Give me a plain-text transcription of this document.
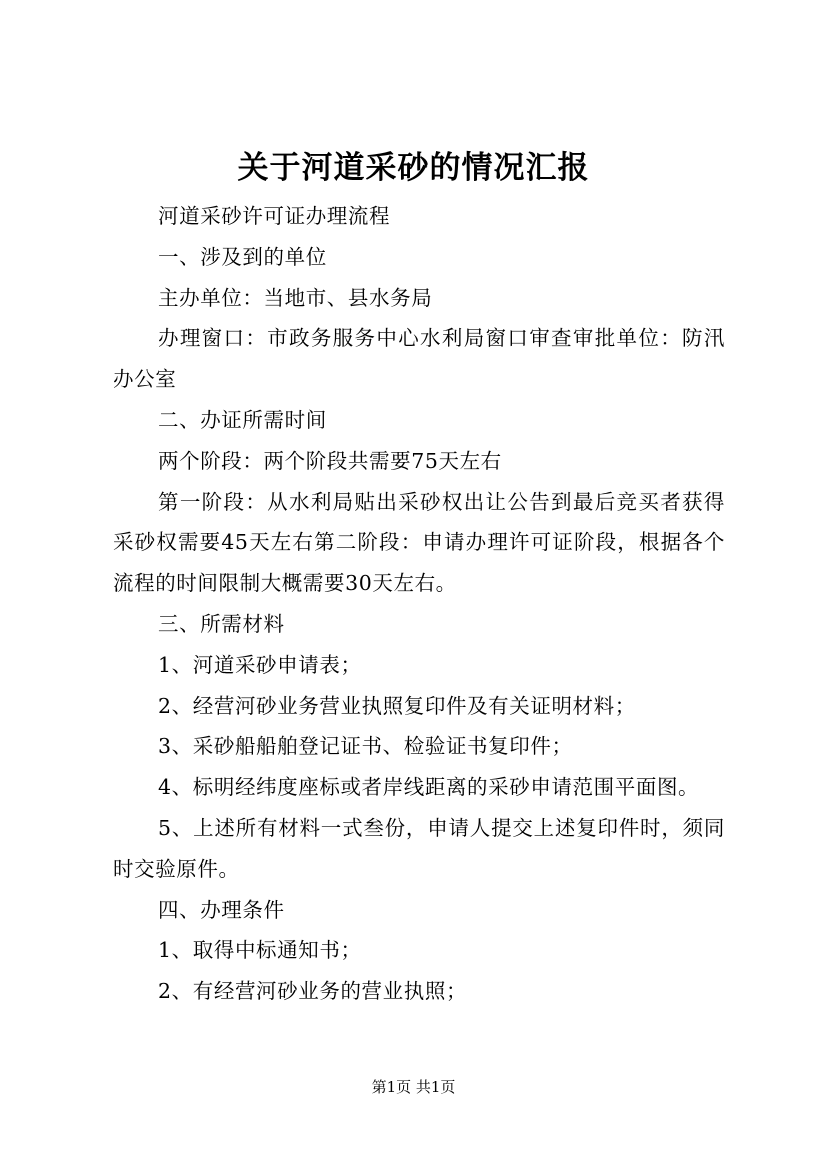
关于河道采砂的情况汇报

河道采砂许可证办理流程

一、涉及到的单位

主办单位：当地市、县水务局

办理窗口：市政务服务中心水利局窗口审查审批单位：防汛办公室

二、办证所需时间

两个阶段：两个阶段共需要75天左右

第一阶段：从水利局贴出采砂权出让公告到最后竞买者获得采砂权需要45天左右第二阶段：申请办理许可证阶段，根据各个流程的时间限制大概需要30天左右。

三、所需材料

1、河道采砂申请表；

2、经营河砂业务营业执照复印件及有关证明材料；

3、采砂船船舶登记证书、检验证书复印件；

4、标明经纬度座标或者岸线距离的采砂申请范围平面图。

5、上述所有材料一式叁份，申请人提交上述复印件时，须同时交验原件。

四、办理条件

1、取得中标通知书；

2、有经营河砂业务的营业执照；

第1页 共1页
